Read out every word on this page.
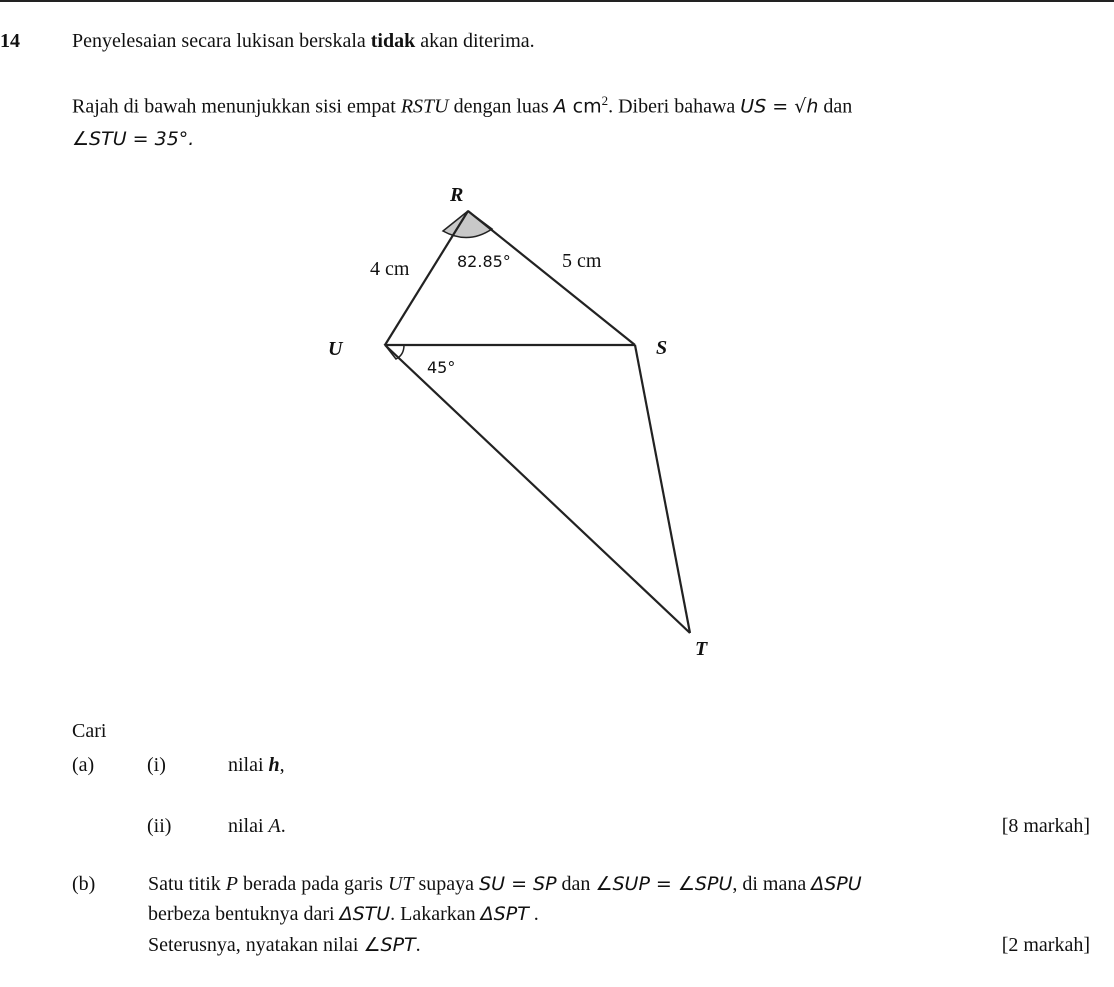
14	Penyelesaian secara lukisan berskala tidak akan diterima.
Rajah di bawah menunjukkan sisi empat RSTU dengan luas A $cm^2$. Diberi bahawa US = √h dan
∠STU = 35°.
R
U	S
T
4 cm	5 cm
82.85°
45°
Cari
(a)	(i)	nilai h,
(ii)	nilai A.	[8 markah]
(b)	Satu titik P berada pada garis UT supaya SU = SP dan ∠SUP = ∠SPU, di mana ΔSPU
berbeza bentuknya dari ΔSTU. Lakarkan ΔSPT .
Seterusnya, nyatakan nilai ∠SPT.	[2 markah]
